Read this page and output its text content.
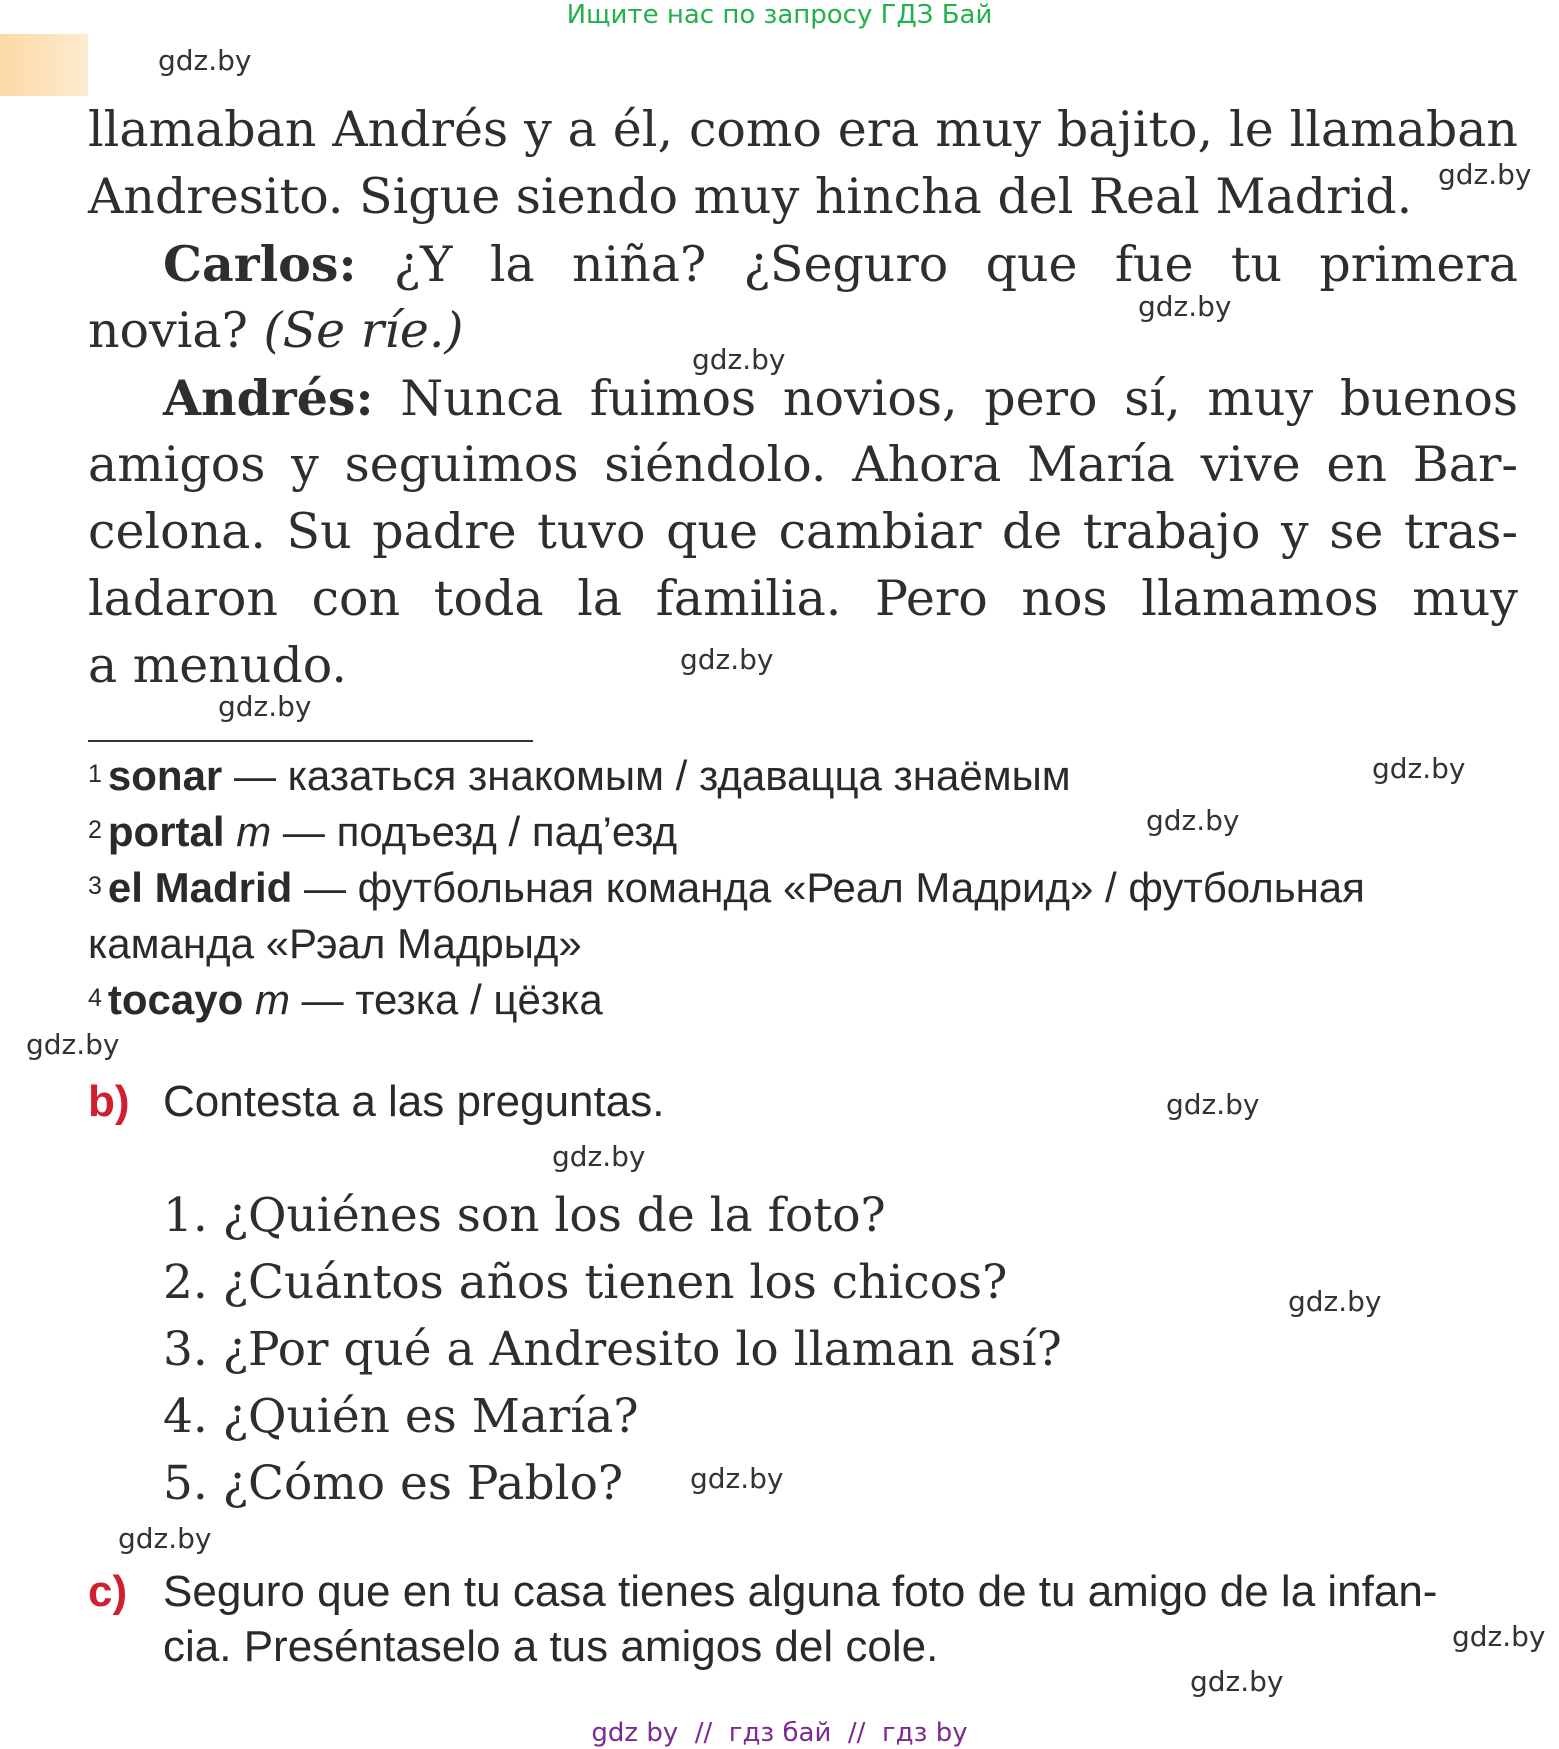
Ищите нас по запросу ГДЗ Бай
gdz.by
gdz.by
gdz.by
gdz.by
gdz.by
gdz.by
gdz.by
gdz.by
gdz.by
gdz.by
gdz.by
gdz.by
gdz.by
gdz.by
gdz.by
gdz.by
llamaban Andrés y a él, como era muy bajito, le llamaban
Andresito. Sigue siendo muy hincha del Real Madrid.
Carlos: ¿Y la niña? ¿Seguro que fue tu primera
novia? (Se ríe.)
Andrés: Nunca fuimos novios, pero sí, muy buenos
amigos y seguimos siéndolo. Ahora María vive en Bar-
celona. Su padre tuvo que cambiar de trabajo y se tras-
ladaron con toda la familia. Pero nos llamamos muy
a menudo.
$^1$ sonar — казаться знакомым / здавацца знаёмым
$^2$ portal m — подъезд / пад’езд
$^3$ el Madrid — футбольная команда «Реал Мадрид» / футбольная
каманда «Рэал Мадрыд»
$^4$ tocayo m — тезка / цёзка
b) Contesta a las preguntas.
1. ¿Quiénes son los de la foto?
2. ¿Cuántos años tienen los chicos?
3. ¿Por qué a Andresito lo llaman así?
4. ¿Quién es María?
5. ¿Cómo es Pablo?
c) Seguro que en tu casa tienes alguna foto de tu amigo de la infan-
cia. Preséntaselo a tus amigos del cole.
gdz by  //  гдз бай  //  гдз by
